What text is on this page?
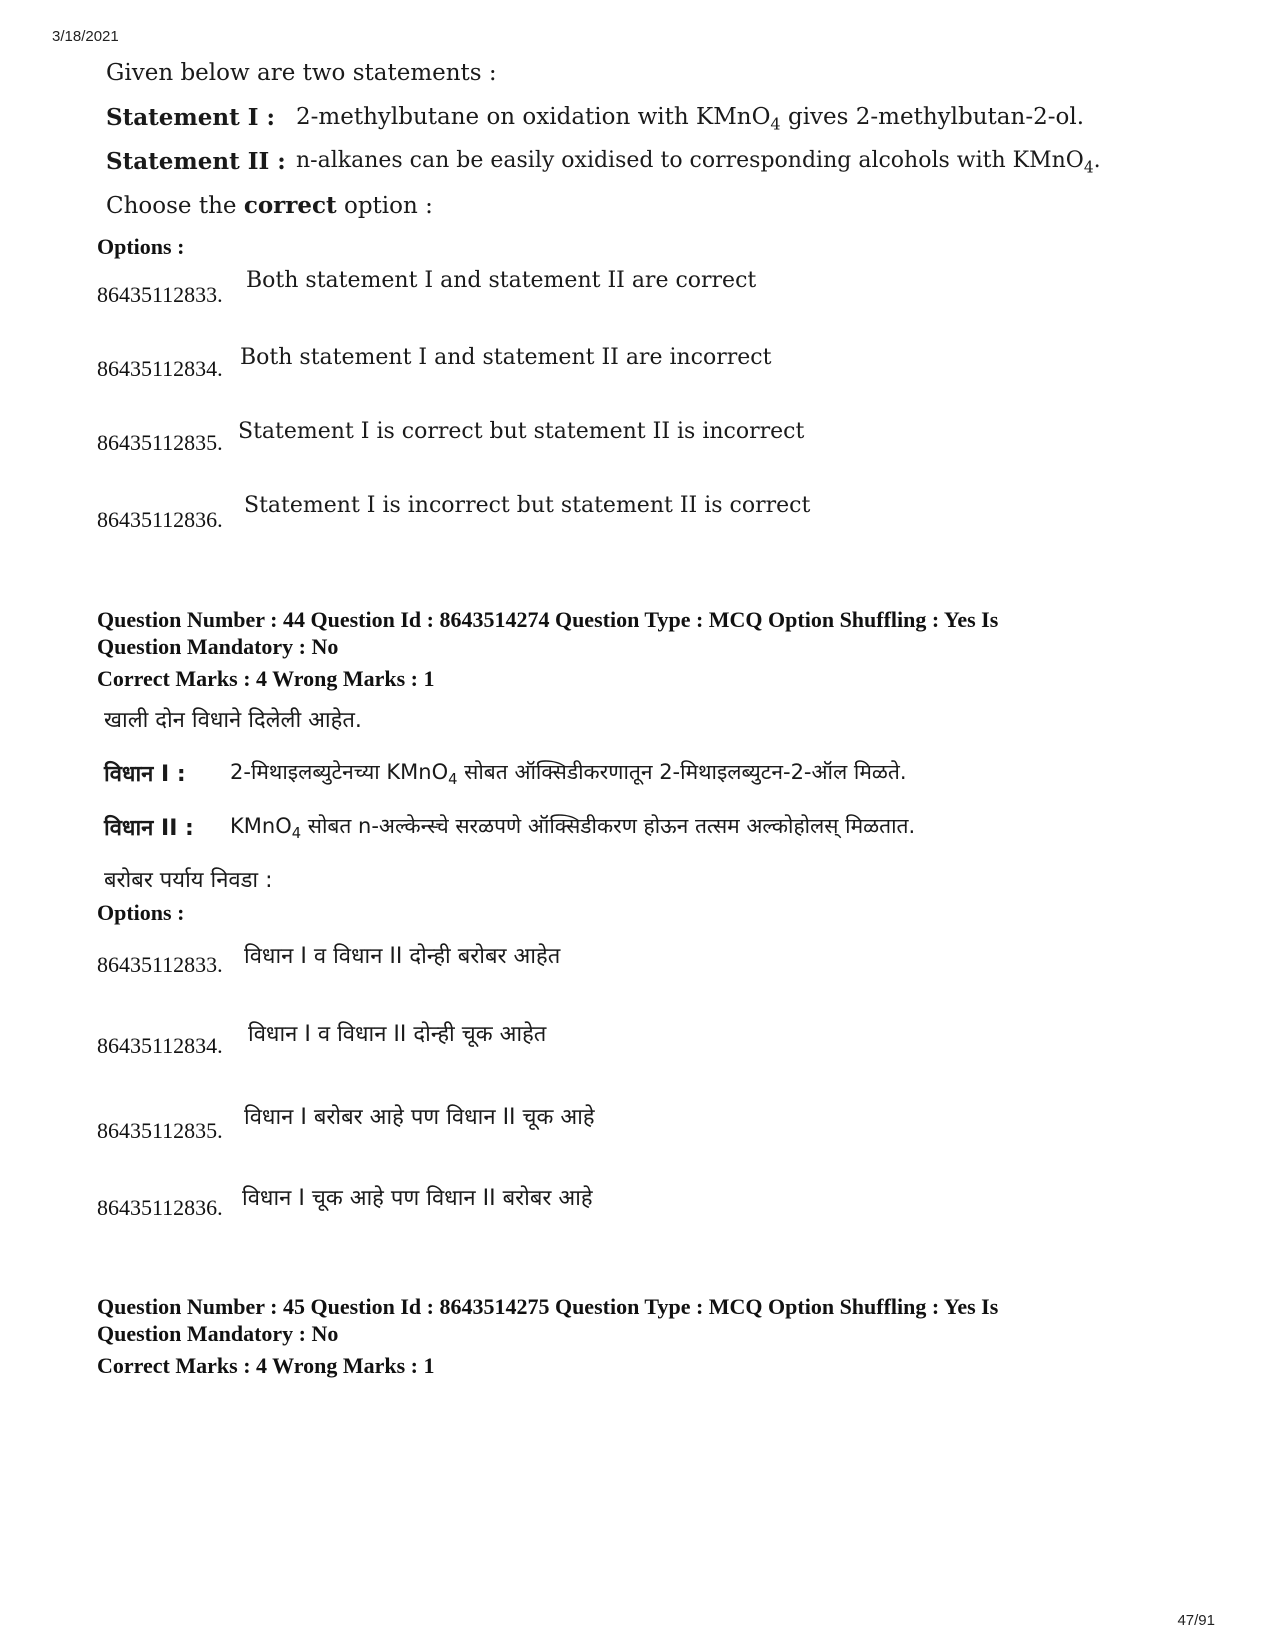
3/18/2021
47/91
Given below are two statements :
Statement I : 2-methylbutane on oxidation with KMnO$_4$ gives 2-methylbutan-2-ol.
Statement II : n-alkanes can be easily oxidised to corresponding alcohols with KMnO$_4$.
Choose the correct option :
Options :
86435112833.
Both statement I and statement II are correct
86435112834. Both statement I and statement II are incorrect
86435112835. Statement I is correct but statement II is incorrect
86435112836.
Statement I is incorrect but statement II is correct
Question Number : 44 Question Id : 8643514274 Question Type : MCQ Option Shuffling : Yes Is
Question Mandatory : No
Correct Marks : 4 Wrong Marks : 1
खाली दोन विधाने दिलेली आहेत.
विधान I : 2-मिथाइलब्युटेनच्या KMnO$_4$ सोबत ऑक्सिडीकरणातून 2-मिथाइलब्युटन-2-ऑल मिळते.
विधान II : KMnO$_4$ सोबत n-अल्केन्स्चे सरळपणे ऑक्सिडीकरण होऊन तत्सम अल्कोहोलस् मिळतात.
बरोबर पर्याय निवडा :
Options :
86435112833. विधान I व विधान II दोन्ही बरोबर आहेत
86435112834. विधान I व विधान II दोन्ही चूक आहेत
86435112835.
विधान I बरोबर आहे पण विधान II चूक आहे
86435112836. विधान I चूक आहे पण विधान II बरोबर आहे
Question Number : 45 Question Id : 8643514275 Question Type : MCQ Option Shuffling : Yes Is
Question Mandatory : No
Correct Marks : 4 Wrong Marks : 1
